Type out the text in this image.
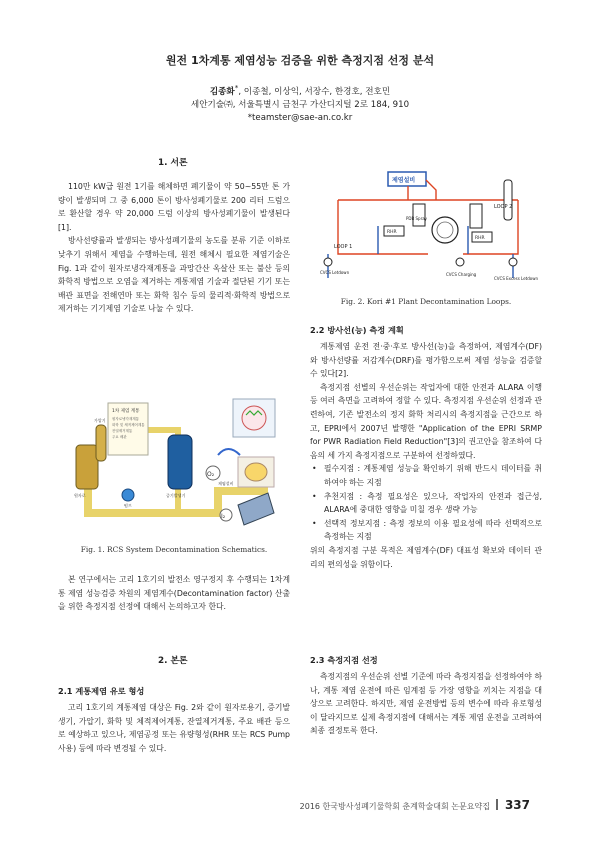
원전 1차계통 제염성능 검증을 위한 측정지점 선정 분석
김종화*, 이종철, 이상익, 서장수, 한경호, 전호민
세안기술㈜, 서울특별시 금천구 가산디지털 2로 184, 910
*teamster@sae-an.co.kr
1. 서론

110만 kW급 원전 1기를 해체하면 폐기물이 약 50~55만 톤 가량이 발생되며 그 중 6,000 톤이 방사성폐기물로 200 리터 드럼으로 환산할 경우 약 20,000 드럼 이상의 방사성폐기물이 발생된다[1].

방사선량률과 발생되는 방사성폐기물의 농도를 분류 기준 이하로 낮추기 위해서 제염을 수행하는데, 원전 해체시 필요한 제염기술은 Fig. 1과 같이 원자로냉각재계통을 과망간산 옥살산 또는 불산 등의 화학적 방법으로 오염을 제거하는 계통제염 기술과 절단된 기기 또는 배관 표면을 전해연마 또는 화학 침수 등의 물리적·화학적 방법으로 제거하는 기기제염 기술로 나눌 수 있다.

1차 제염 계통
원자로냉각재계통
화학 및 체적제어계통
잔열제거계통
주요 배관
원자로	증기발생기
가압기
펌프
제염설비
O₂
I₂
Fig. 1. RCS System Decontamination Schematics.

본 연구에서는 고리 1호기의 발전소 영구정지 후 수행되는 1차계통 제염 성능검증 차원의 제염계수(Decontamination factor) 산출을 위한 측정지점 선정에 대해서 논의하고자 한다.

2. 본론
2.1 계통제염 유로 형성

고리 1호기의 계통제염 대상은 Fig. 2와 같이 원자로용기, 증기발생기, 가압기, 화학 및 체적제어계통, 잔열제거계통, 주요 배관 등으로 예상하고 있으나, 제염공정 또는 유량형성(RHR 또는 RCS Pump 사용) 등에 따라 변경될 수 있다.

제염설비
RHR
RHR
PDB Spray
LOOP 1
LOOP 2
CVCS Letdown	CVCS Charging
CVCS Excess Letdown
Fig. 2. Kori #1 Plant Decontamination Loops.
2.2 방사선(능) 측정 계획

계통제염 운전 전·중·후로 방사선(능)을 측정하여, 제염계수(DF)와 방사선량률 저감계수(DRF)를 평가함으로써 제염 성능을 검증할 수 있다[2].

측정지점 선별의 우선순위는 작업자에 대한 안전과 ALARA 이행 등 여러 측면을 고려하여 정할 수 있다. 측정지점 우선순위 선정과 관련하여, 기존 발전소의 정지 화학 처리시의 측정지점을 근간으로 하고, EPRI에서 2007년 발행한 "Application of the EPRI SRMP for PWR Radiation Field Reduction"[3]의 권고안을 참조하여 다음의 세 가지 측정지점으로 구분하여 선정하였다.

• 필수지점 : 계통제염 성능을 확인하기 위해 반드시 데이터를 취하여야 하는 지점
• 추천지점 : 측정 필요성은 있으나, 작업자의 안전과 접근성, ALARA에 중대한 영향을 미칠 경우 생략 가능
• 선택적 정보지점 : 측정 정보의 이용 필요성에 따라 선택적으로 측정하는 지점

위의 측정지점 구분 목적은 제염계수(DF) 대표성 확보와 데이터 관리의 편의성을 위함이다.

2.3 측정지점 선정

측정지점의 우선순위 선별 기준에 따라 측정지점을 선정하여야 하나, 계통 제염 운전에 따른 임계점 등 가장 영향을 끼치는 지점을 대상으로 고려한다. 하지만, 제염 운전방법 등의 변수에 따라 유로형성이 달라지므로 실제 측정지점에 대해서는 계통 제염 운전을 고려하여 최종 결정토록 한다.

2016 한국방사성폐기물학회 춘계학술대회 논문요약집 337
